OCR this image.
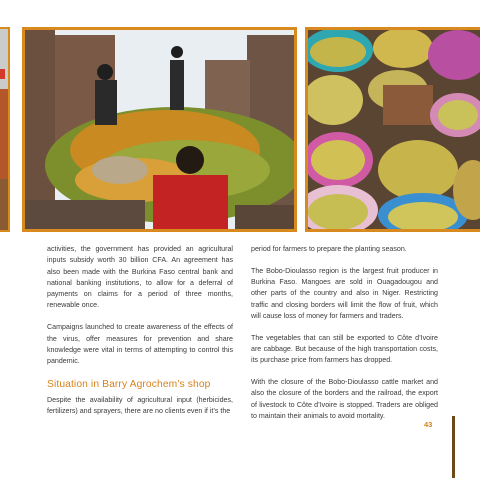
activities, the government has provided an agricultural inputs subsidy worth 30 billion CFA. An agreement has also been made with the Burkina Faso central bank and national banking institutions, to allow for a deferral of payments on claims for a period of three months, renewable once.

Campaigns launched to create awareness of the effects of the virus, offer measures for prevention and share knowledge were vital in terms of attempting to control this pandemic.

Situation in Barry Agrochem’s shop

Despite the availability of agricultural input (herbicides, fertilizers) and sprayers, there are no clients even if it’s the

period for farmers to prepare the planting season.

The Bobo-Dioulasso region is the largest fruit producer in Burkina Faso. Mangoes are sold in Ouagadougou and other parts of the country and also in Niger. Restricting traffic and closing borders will limit the flow of fruit, which will cause loss of money for farmers and traders.

The vegetables that can still be exported to Côte d’Ivoire are cabbage. But because of the high transportation costs, its purchase price from farmers has dropped.

With the closure of the Bobo-Dioulasso cattle market and also the closure of the borders and the railroad, the export of livestock to Côte d’Ivoire is stopped. Traders are obliged to maintain their animals to avoid mortality.

43
